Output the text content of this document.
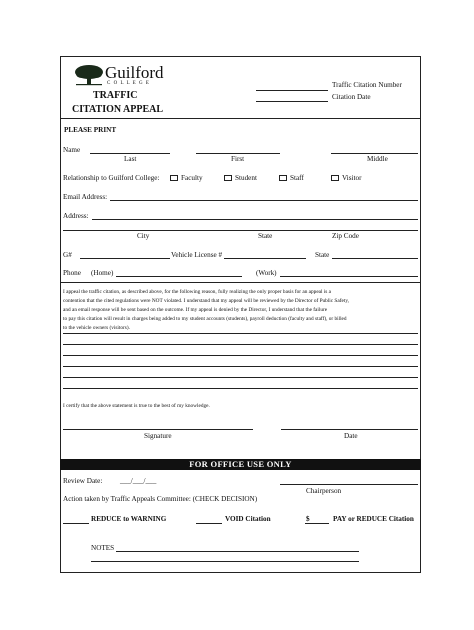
Guilford
C O L L E G E
TRAFFIC
CITATION APPEAL
Traffic Citation Number
Citation Date
PLEASE PRINT
Name
Last	First	Middle
Relationship to Guilford College:	Faculty	Student	Staff	Visitor
Email Address:
Address:
City	State	Zip Code
G#	Vehicle License #	State
Phone (Home)	(Work)
I appeal the traffic citation, as described above, for the following reason, fully realizing the only proper basis for an appeal is a
contention that the cited regulations were NOT violated. I understand that my appeal will be reviewed by the Director of Public Safety,
and an email response will be sent based on the outcome. If my appeal is denied by the Director, I understand that the failure
to pay this citation will result in charges being added to my student accounts (students), payroll deduction (faculty and staff), or billed
to the vehicle owners (visitors).
I certify that the above statement is true to the best of my knowledge.
Signature	Date
FOR OFFICE USE ONLY
Review Date: ___/___/___
Chairperson
Action taken by Traffic Appeals Committee: (CHECK DECISION)
REDUCE to WARNING	VOID Citation	$	PAY or REDUCE Citation
NOTES
